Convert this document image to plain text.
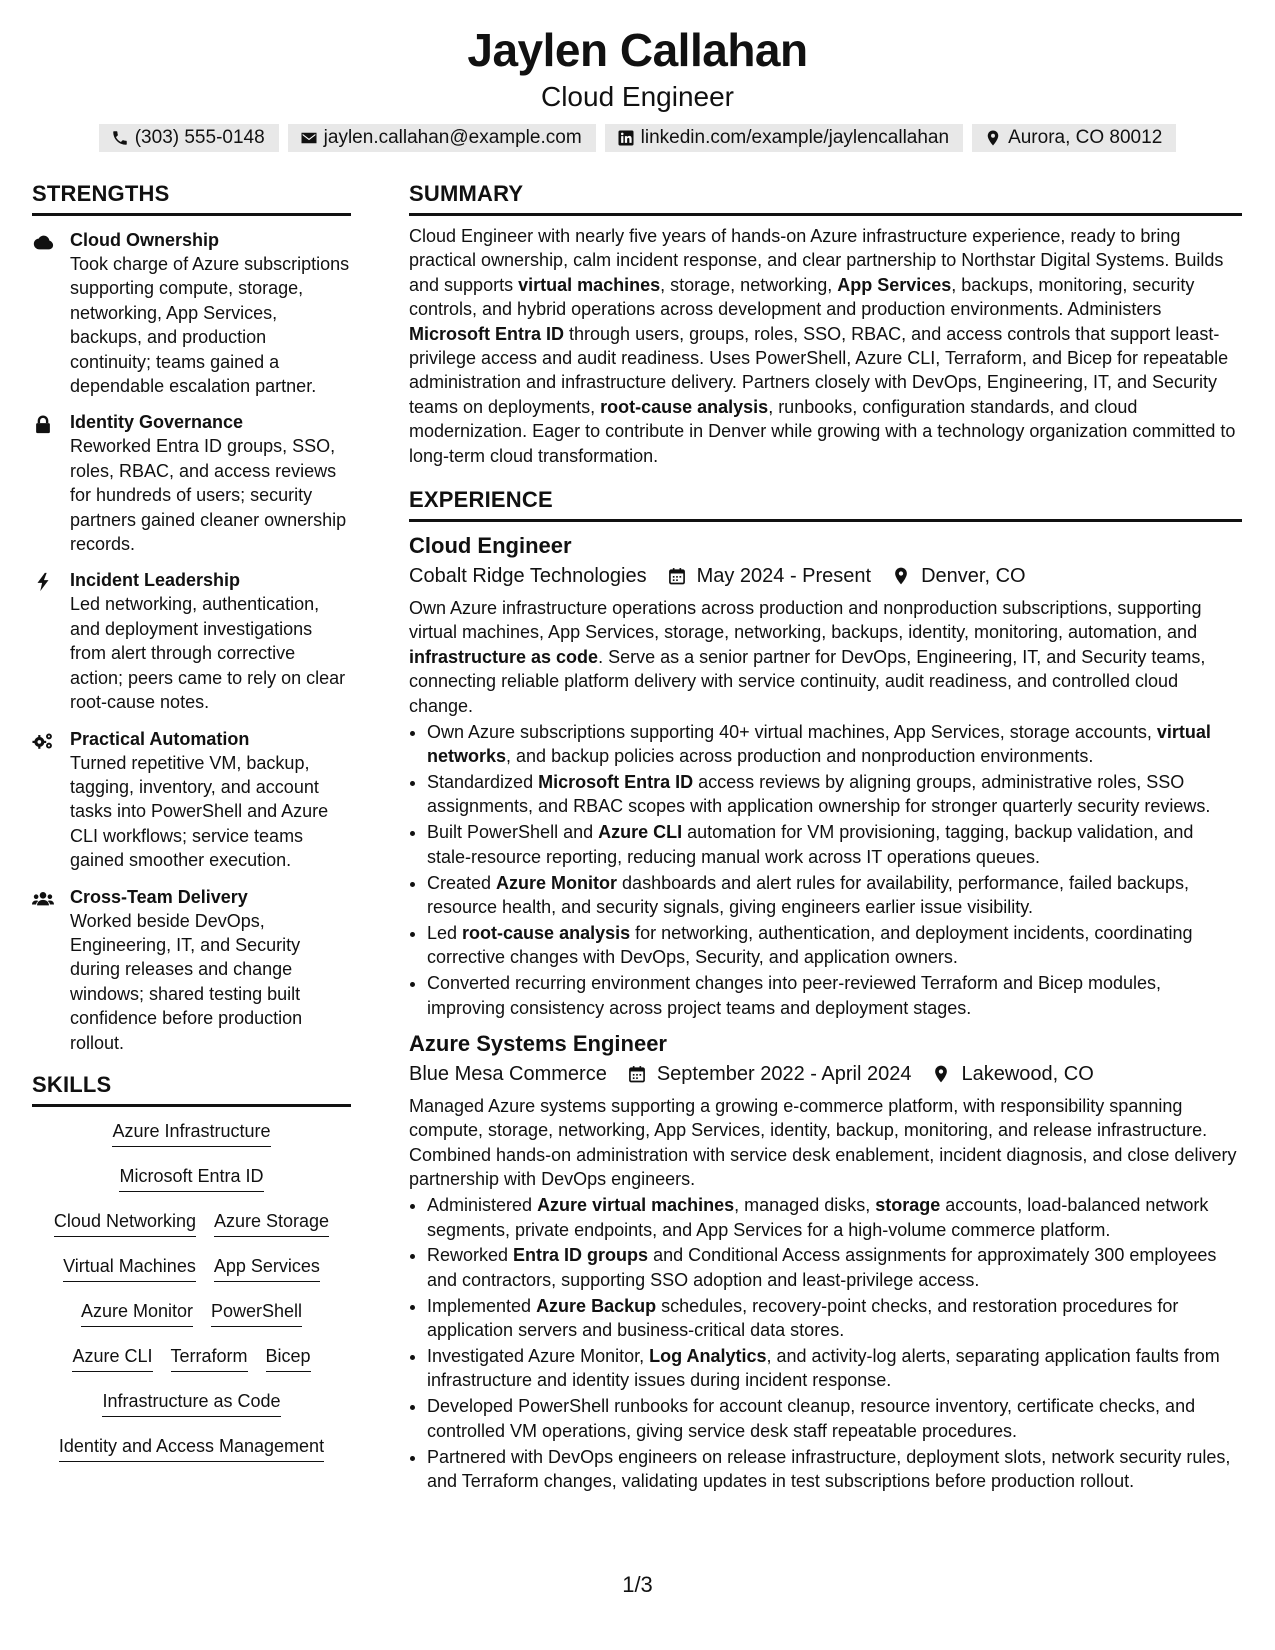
Jaylen Callahan
Cloud Engineer
(303) 555-0148	jaylen.callahan@example.com	linkedin.com/example/jaylencallahan	Aurora, CO 80012
STRENGTHS
Cloud Ownership
Took charge of Azure subscriptions supporting compute, storage, networking, App Services, backups, and production continuity; teams gained a dependable escalation partner.
Identity Governance
Reworked Entra ID groups, SSO, roles, RBAC, and access reviews for hundreds of users; security partners gained cleaner ownership records.
Incident Leadership
Led networking, authentication, and deployment investigations from alert through corrective action; peers came to rely on clear root-cause notes.
Practical Automation
Turned repetitive VM, backup, tagging, inventory, and account tasks into PowerShell and Azure CLI workflows; service teams gained smoother execution.
Cross-Team Delivery
Worked beside DevOps, Engineering, IT, and Security during releases and change windows; shared testing built confidence before production rollout.
SKILLS
Azure Infrastructure
Microsoft Entra ID
Cloud Networking Azure Storage
Virtual Machines App Services
Azure Monitor PowerShell
Azure CLI Terraform Bicep
Infrastructure as Code
Identity and Access Management
SUMMARY
Cloud Engineer with nearly five years of hands-on Azure infrastructure experience, ready to bring practical ownership, calm incident response, and clear partnership to Northstar Digital Systems. Builds and supports virtual machines, storage, networking, App Services, backups, monitoring, security controls, and hybrid operations across development and production environments. Administers Microsoft Entra ID through users, groups, roles, SSO, RBAC, and access controls that support least-privilege access and audit readiness. Uses PowerShell, Azure CLI, Terraform, and Bicep for repeatable administration and infrastructure delivery. Partners closely with DevOps, Engineering, IT, and Security teams on deployments, root-cause analysis, runbooks, configuration standards, and cloud modernization. Eager to contribute in Denver while growing with a technology organization committed to long-term cloud transformation.
EXPERIENCE
Cloud Engineer
Cobalt Ridge Technologies	May 2024 - Present	Denver, CO
Own Azure infrastructure operations across production and nonproduction subscriptions, supporting virtual machines, App Services, storage, networking, backups, identity, monitoring, automation, and infrastructure as code. Serve as a senior partner for DevOps, Engineering, IT, and Security teams, connecting reliable platform delivery with service continuity, audit readiness, and controlled cloud change.
• Own Azure subscriptions supporting 40+ virtual machines, App Services, storage accounts, virtual networks, and backup policies across production and nonproduction environments.
• Standardized Microsoft Entra ID access reviews by aligning groups, administrative roles, SSO assignments, and RBAC scopes with application ownership for stronger quarterly security reviews.
• Built PowerShell and Azure CLI automation for VM provisioning, tagging, backup validation, and stale-resource reporting, reducing manual work across IT operations queues.
• Created Azure Monitor dashboards and alert rules for availability, performance, failed backups, resource health, and security signals, giving engineers earlier issue visibility.
• Led root-cause analysis for networking, authentication, and deployment incidents, coordinating corrective changes with DevOps, Security, and application owners.
• Converted recurring environment changes into peer-reviewed Terraform and Bicep modules, improving consistency across project teams and deployment stages.
Azure Systems Engineer
Blue Mesa Commerce	September 2022 - April 2024	Lakewood, CO
Managed Azure systems supporting a growing e-commerce platform, with responsibility spanning compute, storage, networking, App Services, identity, backup, monitoring, and release infrastructure. Combined hands-on administration with service desk enablement, incident diagnosis, and close delivery partnership with DevOps engineers.
• Administered Azure virtual machines, managed disks, storage accounts, load-balanced network segments, private endpoints, and App Services for a high-volume commerce platform.
• Reworked Entra ID groups and Conditional Access assignments for approximately 300 employees and contractors, supporting SSO adoption and least-privilege access.
• Implemented Azure Backup schedules, recovery-point checks, and restoration procedures for application servers and business-critical data stores.
• Investigated Azure Monitor, Log Analytics, and activity-log alerts, separating application faults from infrastructure and identity issues during incident response.
• Developed PowerShell runbooks for account cleanup, resource inventory, certificate checks, and controlled VM operations, giving service desk staff repeatable procedures.
• Partnered with DevOps engineers on release infrastructure, deployment slots, network security rules, and Terraform changes, validating updates in test subscriptions before production rollout.
1/3
